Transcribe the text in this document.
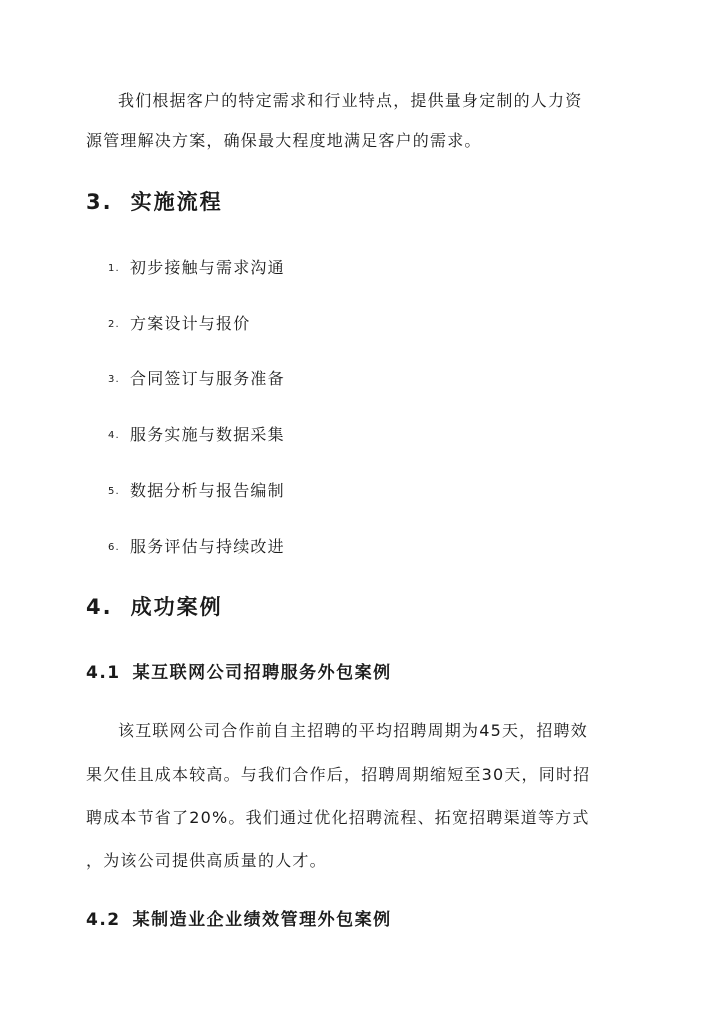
我们根据客户的特定需求和行业特点，提供量身定制的人力资

源管理解决方案，确保最大程度地满足客户的需求。

3. 实施流程
1. 初步接触与需求沟通
2. 方案设计与报价
3. 合同签订与服务准备
4. 服务实施与数据采集
5. 数据分析与报告编制
6. 服务评估与持续改进
4. 成功案例
4.1 某互联网公司招聘服务外包案例

该互联网公司合作前自主招聘的平均招聘周期为45天，招聘效

果欠佳且成本较高。与我们合作后，招聘周期缩短至30天，同时招

聘成本节省了20%。我们通过优化招聘流程、拓宽招聘渠道等方式

，为该公司提供高质量的人才。

4.2 某制造业企业绩效管理外包案例
